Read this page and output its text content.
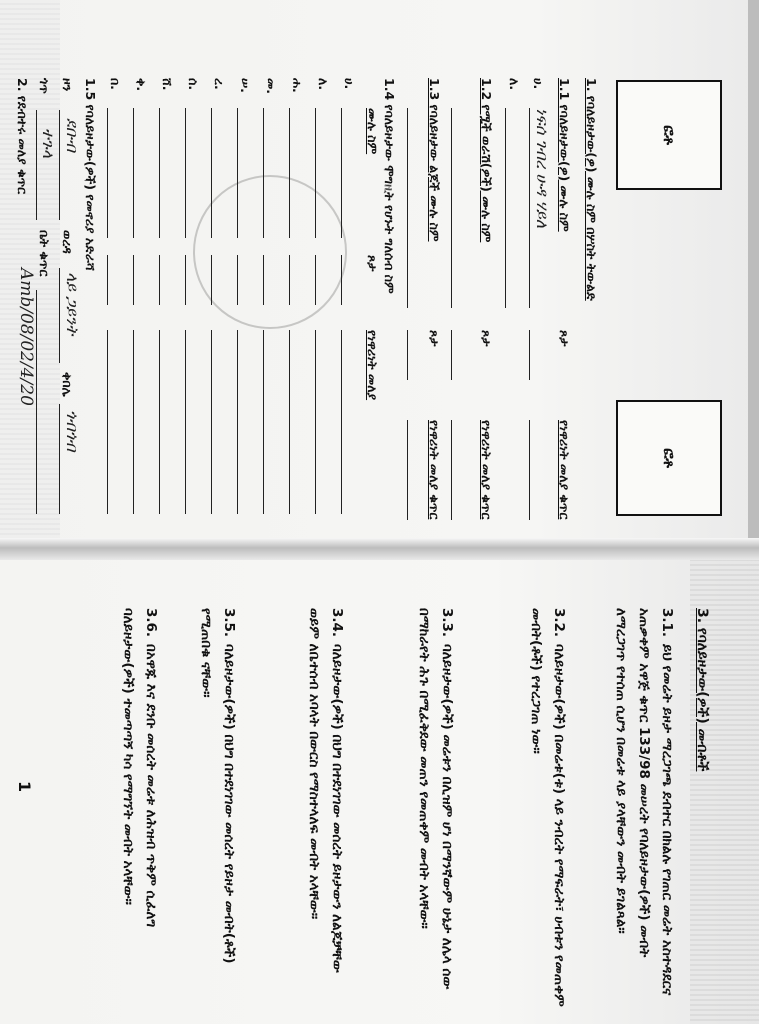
ፎቶ
ፎቶ
1. የባለይዞታው(ዎ) ሙሉ ስም በሦስት ትውልድ
1.1 የባለይዞታው(ዎ) ሙሉ ስም
ጾታ
የነዋሪነት መለያ ቁጥር
ሀ.
ነፍሰ ገብረ ሁዳ ሃይለ
ለ.
1.2 የሟች ወራሽ(ዎች) ሙሉ ስም
ጾታ
የነዋሪነት መለያ ቁጥር
1.3 የባለይዞታው ልጆች ሙሉ ስም
ጾታ
የነዋሪነት መለያ ቁጥር
1.4 የባለይዞታው ሞግዚት የሆኑት ግለሰብ ስም
ሙሉ ስም
ጾታ
የነዋሪነት መለያ
ሀ.
ለ.
ሐ.
መ.
ሠ.
ረ.
ሰ.
ሸ.
ቀ.
በ.
1.5 የባለይዞታው(ዎች) የመኖሪያ አድራሻ
ዞን
ደቡብ
ወረዳ
ላይ ጋይንት
ቀበሌ
ጎብጎብ
ጎጥ
ተጉላ
ቤት ቁጥር
2. የደብተሩ መለያ ቁጥር
Amb/08/02/4/20
3. የባለይዞታው(ዎች) መብቶች
3.1.ይህ የመሬት ይዞታ ማረጋገጫ ደብተር በክልሉ የገጠር መሬት አስተዳደርና አጠቃቀም አዋጅ ቁጥር 133/98 መሠረት የባለይዞታው(ዎች) መብት ለማረጋገጥ የተሰጠ ሲሆን በመሬቱ ላይ ያላቸውን መብት ይገልጻል።
3.2.ባለይዞታው(ዎች) በመሬቱ(ቱ) ላይ ንብረት የማፍራት፣ ሀብቱን የመጠቀም መብት(ቶች) የተረጋገጠ ነው።
3.3.ባለይዞታው(ዎች) መሬቱን በሊዝም ሆነ በማንኛውም ሁኔታ ለሌላ ሰው በማከራየት ሕጉ በሚፈቅደው መጠን የመጠቀም መብት አላቸው።
3.4.ባለይዞታው(ዎች) በህግ በተደነገገው መሰረት ይዞታውን ለልጆቻቸው ወይም ለቤተሰብ አባላት በውርስ የማስተላለፍ መብት አላቸው።
3.5.ባለይዞታው(ዎች) በህግ በተደነገገው መሰረት የይዞታ መብት(ቶች) የሚጠበቁ ናቸው።
3.6.በአዋጁ እና ደንቡ መሰረት መሬቱ ለሕዝብ ጥቅም ሲፈለግ ባለይዞታው(ዎች) ተመጣጣኝ ካሳ የማግኘት መብት አላቸው።
1
